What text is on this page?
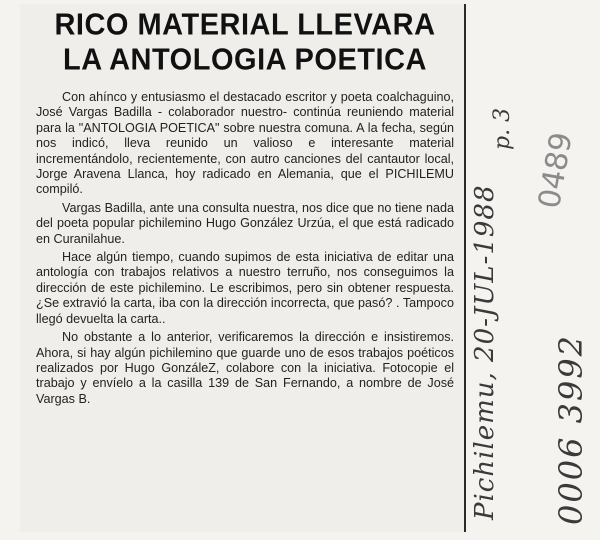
RICO MATERIAL LLEVARA
LA ANTOLOGIA POETICA

Con ahínco y entusiasmo el destacado escritor y poeta coalchaguino, José Vargas Badilla - colaborador nuestro- continúa reuniendo material para la "ANTOLOGIA POETICA" sobre nuestra comuna. A la fecha, según nos indicó, lleva reunido un valioso e interesante material incrementándolo, recientemente, con autro canciones del cantautor local, Jorge Aravena Llanca, hoy radicado en Alemania, que el PICHILEMU compiló.

Vargas Badilla, ante una consulta nuestra, nos dice que no tiene nada del poeta popular pichilemino Hugo González Urzúa, el que está radicado en Curanilahue.

Hace algún tiempo, cuando supimos de esta iniciativa de editar una antología con trabajos relativos a nuestro terruño, nos conseguimos la dirección de este pichilemino. Le escribimos, pero sin obtener respuesta. ¿Se extravió la carta, iba con la dirección incorrecta, que pasó? . Tampoco llegó devuelta la carta..

No obstante a lo anterior, verificaremos la dirección e insistiremos. Ahora, si hay algún pichilemino que guarde uno de esos trabajos poéticos realizados por Hugo GonzáleZ, colabore con la iniciativa. Fotocopie el trabajo y envíelo a la casilla 139 de San Fernando, a nombre de José Vargas B.	Pichilemu, 20-JUL-1988
p. 3
0489
0006 3992
